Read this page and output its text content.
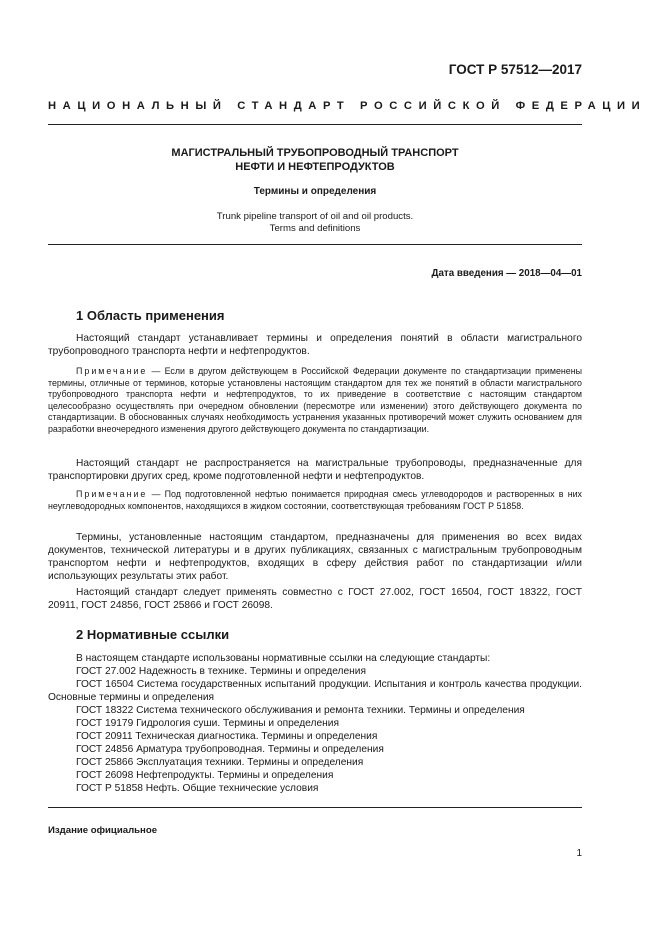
ГОСТ Р 57512—2017
НАЦИОНАЛЬНЫЙ СТАНДАРТ РОССИЙСКОЙ ФЕДЕРАЦИИ
МАГИСТРАЛЬНЫЙ ТРУБОПРОВОДНЫЙ ТРАНСПОРТ
НЕФТИ И НЕФТЕПРОДУКТОВ
Термины и определения
Trunk pipeline transport of oil and oil products.
Terms and definitions
Дата введения — 2018—04—01
1 Область применения
Настоящий стандарт устанавливает термины и определения понятий в области магистрального трубопроводного транспорта нефти и нефтепродуктов.
Примечание — Если в другом действующем в Российской Федерации документе по стандартизации применены термины, отличные от терминов, которые установлены настоящим стандартом для тех же понятий в области магистрального трубопроводного транспорта нефти и нефтепродуктов, то их приведение в соответствие с настоящим стандартом целесообразно осуществлять при очередном обновлении (пересмотре или изменении) этого действующего документа по стандартизации. В обоснованных случаях необходимость устранения указанных противоречий может служить основанием для разработки внеочередного изменения другого действующего документа по стандартизации.
Настоящий стандарт не распространяется на магистральные трубопроводы, предназначенные для транспортировки других сред, кроме подготовленной нефти и нефтепродуктов.
Примечание — Под подготовленной нефтью понимается природная смесь углеводородов и растворенных в них неуглеводородных компонентов, находящихся в жидком состоянии, соответствующая требованиям ГОСТ Р 51858.
Термины, установленные настоящим стандартом, предназначены для применения во всех видах документов, технической литературы и в других публикациях, связанных с магистральным трубопроводным транспортом нефти и нефтепродуктов, входящих в сферу действия работ по стандартизации и/или использующих результаты этих работ.
Настоящий стандарт следует применять совместно с ГОСТ 27.002, ГОСТ 16504, ГОСТ 18322, ГОСТ 20911, ГОСТ 24856, ГОСТ 25866 и ГОСТ 26098.
2 Нормативные ссылки
В настоящем стандарте использованы нормативные ссылки на следующие стандарты:
ГОСТ 27.002 Надежность в технике. Термины и определения
ГОСТ 16504 Система государственных испытаний продукции. Испытания и контроль качества продукции. Основные термины и определения
ГОСТ 18322 Система технического обслуживания и ремонта техники. Термины и определения
ГОСТ 19179 Гидрология суши. Термины и определения
ГОСТ 20911 Техническая диагностика. Термины и определения
ГОСТ 24856 Арматура трубопроводная. Термины и определения
ГОСТ 25866 Эксплуатация техники. Термины и определения
ГОСТ 26098 Нефтепродукты. Термины и определения
ГОСТ Р 51858 Нефть. Общие технические условия
Издание официальное
1
